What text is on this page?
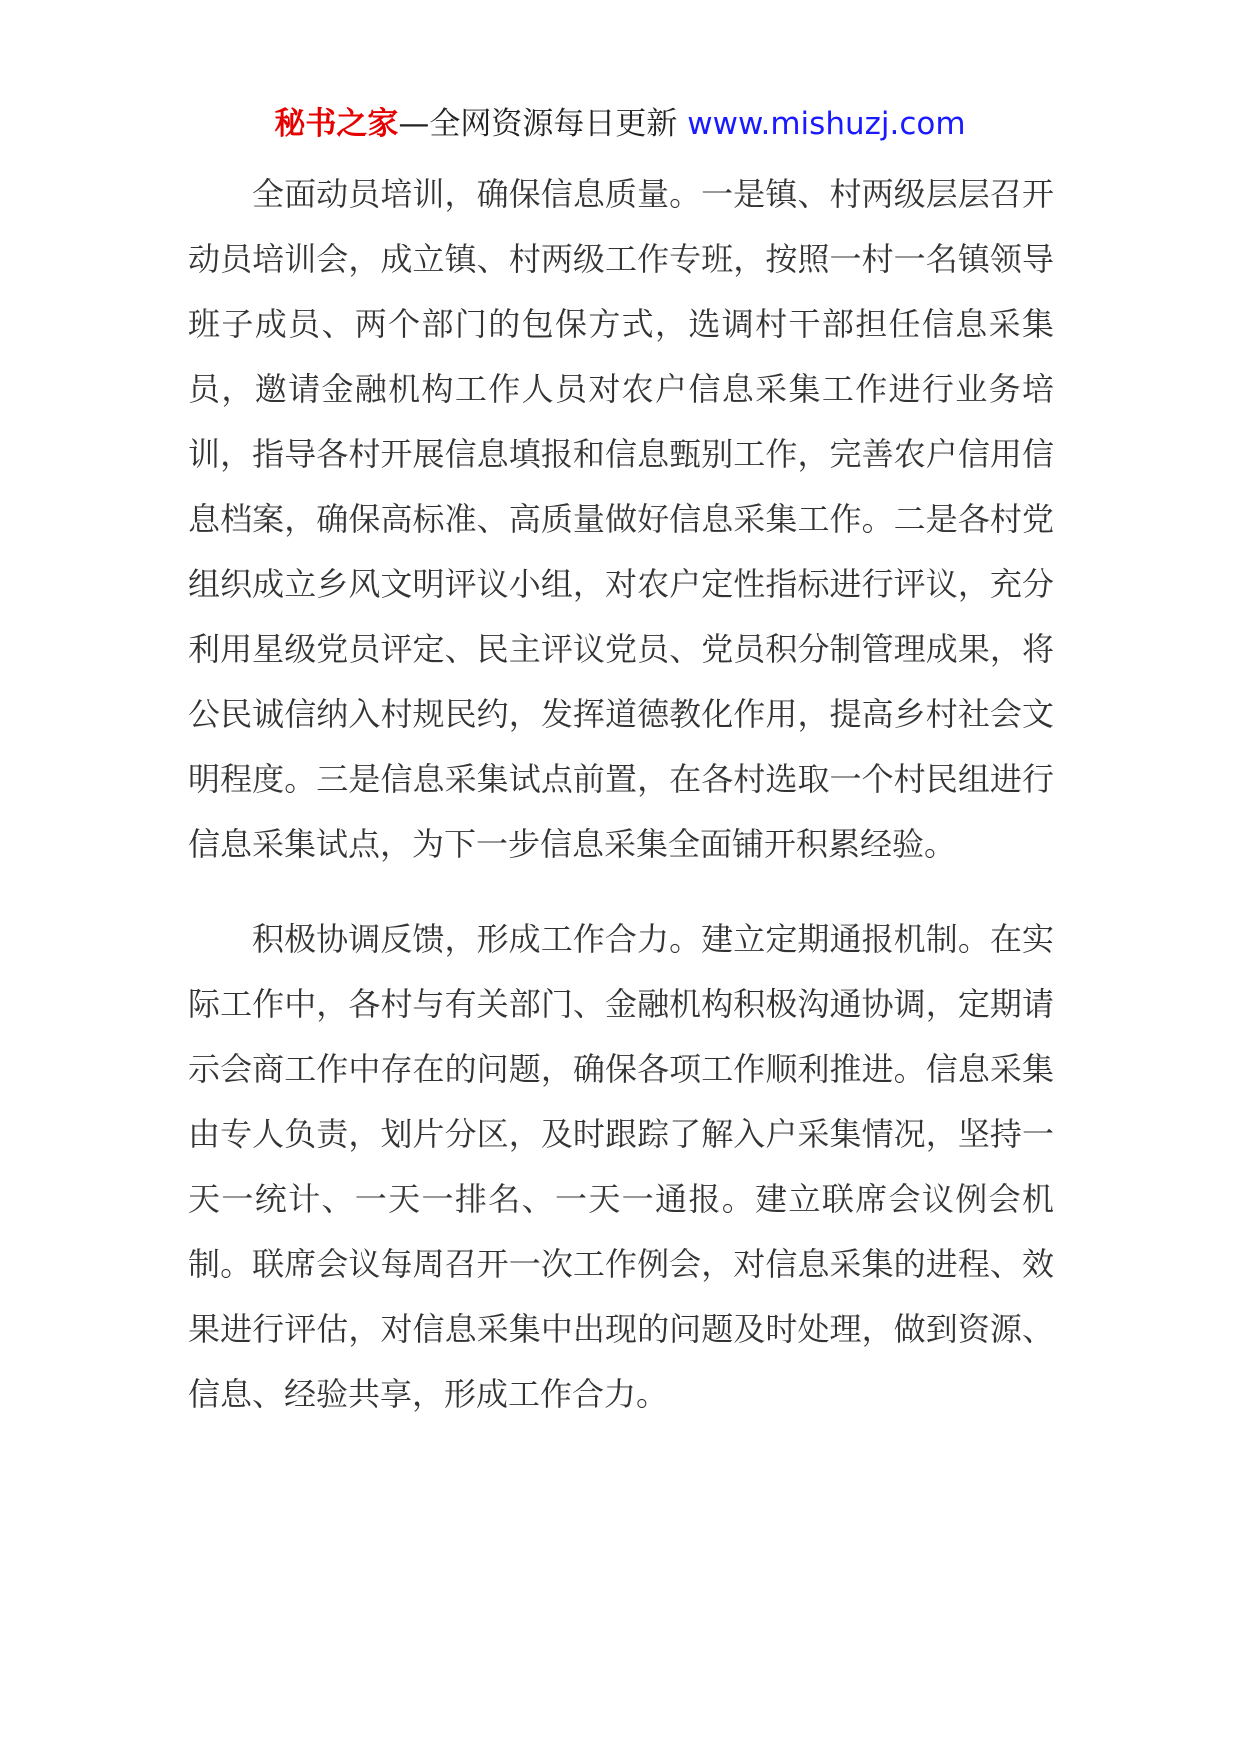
秘书之家—全网资源每日更新 www.mishuzj.com

全面动员培训，确保信息质量。一是镇、村两级层层召开动员培训会，成立镇、村两级工作专班，按照一村一名镇领导班子成员、两个部门的包保方式，选调村干部担任信息采集员，邀请金融机构工作人员对农户信息采集工作进行业务培训，指导各村开展信息填报和信息甄别工作，完善农户信用信息档案，确保高标准、高质量做好信息采集工作。二是各村党组织成立乡风文明评议小组，对农户定性指标进行评议，充分利用星级党员评定、民主评议党员、党员积分制管理成果，将公民诚信纳入村规民约，发挥道德教化作用，提高乡村社会文明程度。三是信息采集试点前置，在各村选取一个村民组进行信息采集试点，为下一步信息采集全面铺开积累经验。

积极协调反馈，形成工作合力。建立定期通报机制。在实际工作中，各村与有关部门、金融机构积极沟通协调，定期请示会商工作中存在的问题，确保各项工作顺利推进。信息采集由专人负责，划片分区，及时跟踪了解入户采集情况，坚持一天一统计、一天一排名、一天一通报。建立联席会议例会机制。联席会议每周召开一次工作例会，对信息采集的进程、效果进行评估，对信息采集中出现的问题及时处理，做到资源、信息、经验共享，形成工作合力。
